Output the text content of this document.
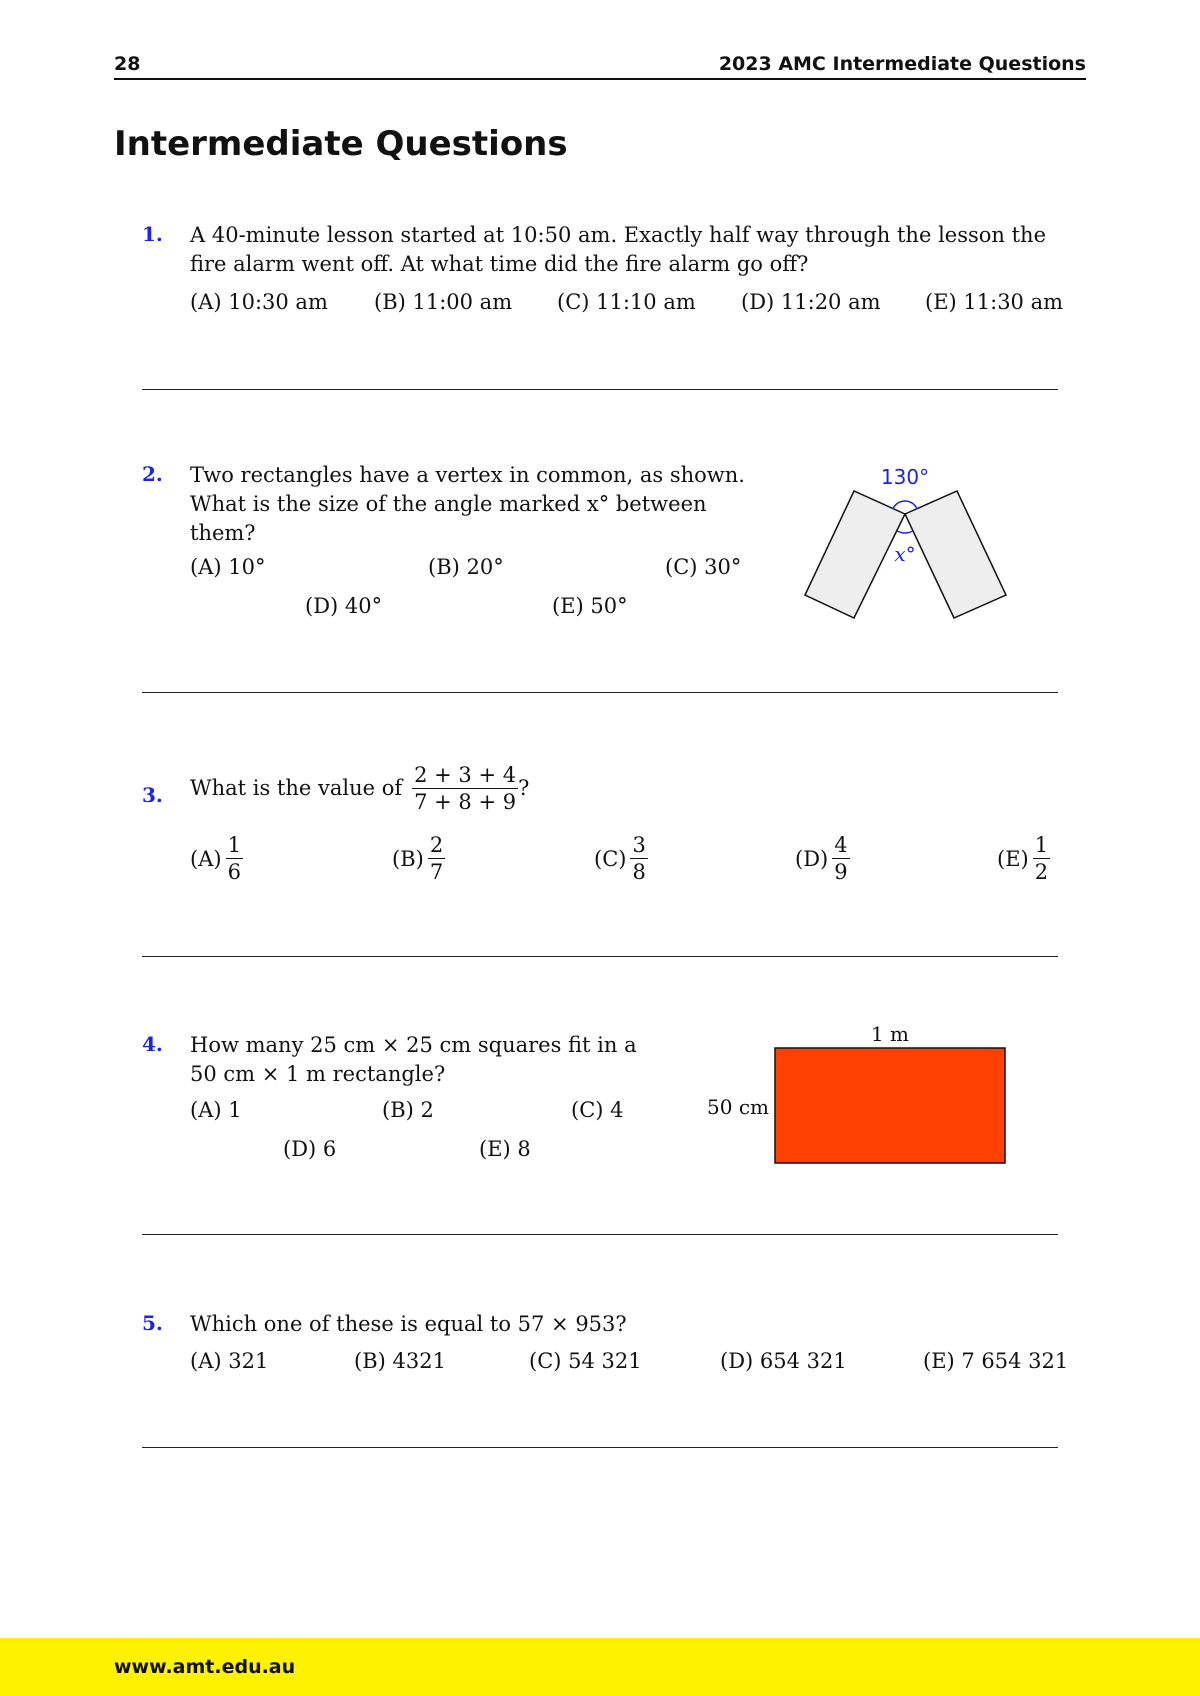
28	2023 AMC Intermediate Questions
Intermediate Questions
1. A 40-minute lesson started at 10:50 am. Exactly half way through the lesson the
fire alarm went off. At what time did the fire alarm go off?
(A) 10:30 am (B) 11:00 am (C) 11:10 am (D) 11:20 am (E) 11:30 am
2. Two rectangles have a vertex in common, as shown.
What is the size of the angle marked x° between
them?
(A) 10°	(B) 20°	(C) 30°
(D) 40°	(E) 50°
130°
x°
3. What is the value of $\frac{2 + 3 + 4}{7 + 8 + 9}$ ?
$(A) \frac{1}{6}$	$(B) \frac{2}{7}$	$(C) \frac{3}{8}$	$(D) \frac{4}{9}$	$(E) \frac{1}{2}$
4. How many 25 cm × 25 cm squares fit in a
50 cm × 1 m rectangle?
(A) 1	(B) 2	(C) 4
(D) 6	(E) 8
1 m
50 cm
5. Which one of these is equal to 57 × 953?
(A) 321	(B) 4321	(C) 54 321	(D) 654 321	(E) 7 654 321
www.amt.edu.au
